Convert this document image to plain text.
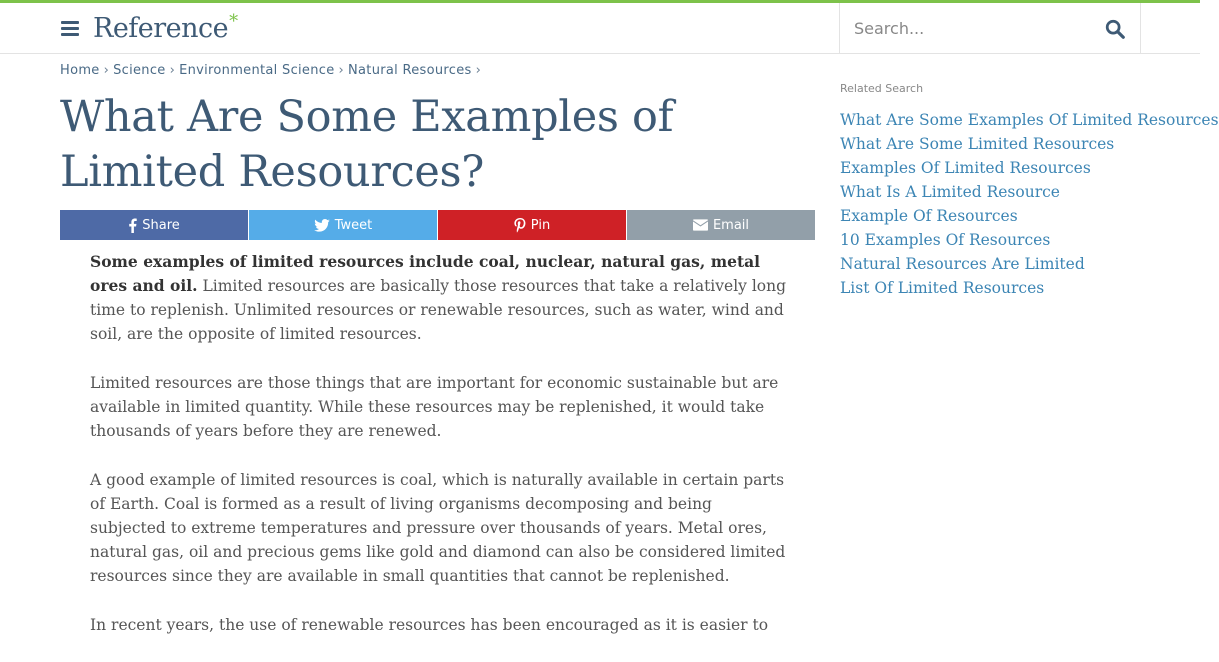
Reference*
Search...
Home › Science › Environmental Science › Natural Resources ›
What Are Some Examples of Limited Resources?
Share	Tweet	Pin	Email

Some examples of limited resources include coal, nuclear, natural gas, metal ores and oil. Limited resources are basically those resources that take a relatively long time to replenish. Unlimited resources or renewable resources, such as water, wind and soil, are the opposite of limited resources.

Limited resources are those things that are important for economic sustainable but are available in limited quantity. While these resources may be replenished, it would take thousands of years before they are renewed.

A good example of limited resources is coal, which is naturally available in certain parts of Earth. Coal is formed as a result of living organisms decomposing and being subjected to extreme temperatures and pressure over thousands of years. Metal ores, natural gas, oil and precious gems like gold and diamond can also be considered limited resources since they are available in small quantities that cannot be replenished.

In recent years, the use of renewable resources has been encouraged as it is easier to

Related Search
What Are Some Examples Of Limited Resources
What Are Some Limited Resources
Examples Of Limited Resources
What Is A Limited Resource
Example Of Resources
10 Examples Of Resources
Natural Resources Are Limited
List Of Limited Resources
